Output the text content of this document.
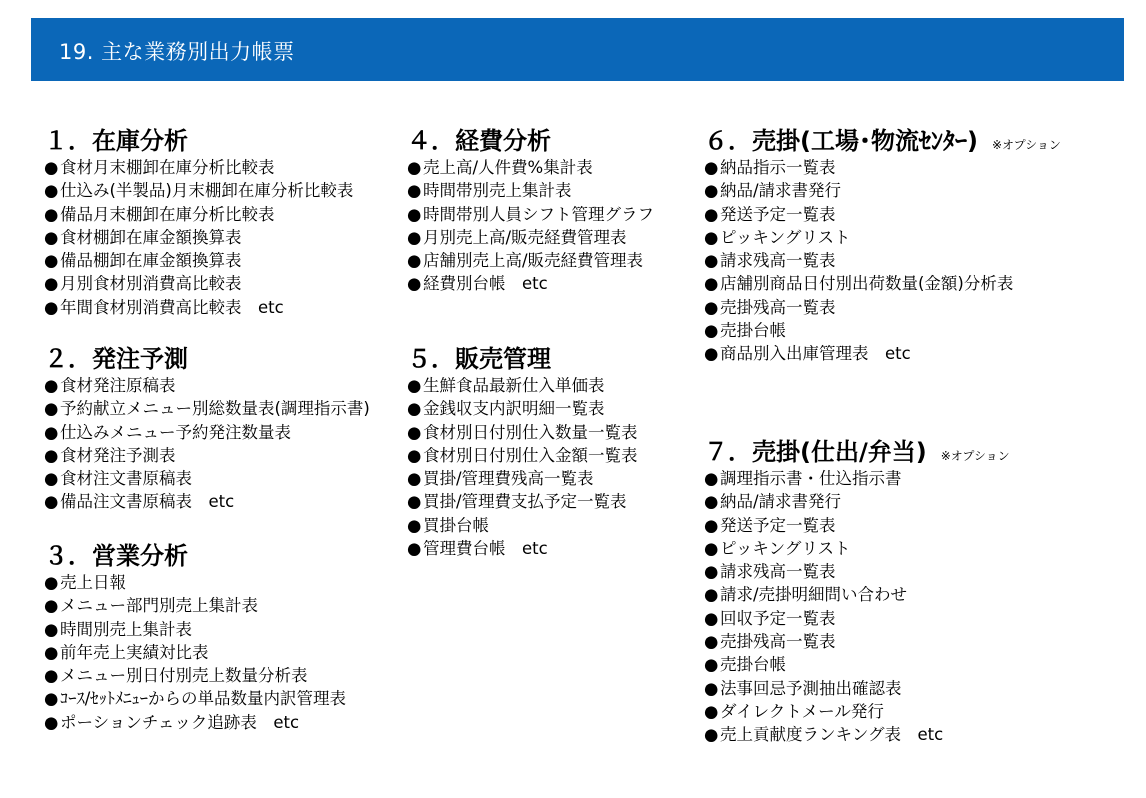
19. 主な業務別出力帳票
１．在庫分析
●食材月末棚卸在庫分析比較表
●仕込み(半製品)月末棚卸在庫分析比較表
●備品月末棚卸在庫分析比較表
●食材棚卸在庫金額換算表
●備品棚卸在庫金額換算表
●月別食材別消費高比較表
●年間食材別消費高比較表　etc
２．発注予測
●食材発注原稿表
●予約献立メニュー別総数量表(調理指示書)
●仕込みメニュー予約発注数量表
●食材発注予測表
●食材注文書原稿表
●備品注文書原稿表　etc
３．営業分析
●売上日報
●メニュー部門別売上集計表
●時間別売上集計表
●前年売上実績対比表
●メニュー別日付別売上数量分析表
●ｺｰｽ/ｾｯﾄﾒﾆｭｰからの単品数量内訳管理表
●ポーションチェック追跡表　etc
４．経費分析
●売上高/人件費%集計表
●時間帯別売上集計表
●時間帯別人員シフト管理グラフ
●月別売上高/販売経費管理表
●店舗別売上高/販売経費管理表
●経費別台帳　etc
５．販売管理
●生鮮食品最新仕入単価表
●金銭収支内訳明細一覧表
●食材別日付別仕入数量一覧表
●食材別日付別仕入金額一覧表
●買掛/管理費残高一覧表
●買掛/管理費支払予定一覧表
●買掛台帳
●管理費台帳　etc
６．売掛(工場･物流ｾﾝﾀｰ) ※オプション
●納品指示一覧表
●納品/請求書発行
●発送予定一覧表
●ピッキングリスト
●請求残高一覧表
●店舗別商品日付別出荷数量(金額)分析表
●売掛残高一覧表
●売掛台帳
●商品別入出庫管理表　etc
７．売掛(仕出/弁当) ※オプション
●調理指示書・仕込指示書
●納品/請求書発行
●発送予定一覧表
●ピッキングリスト
●請求残高一覧表
●請求/売掛明細問い合わせ
●回収予定一覧表
●売掛残高一覧表
●売掛台帳
●法事回忌予測抽出確認表
●ダイレクトメール発行
●売上貢献度ランキング表　etc
